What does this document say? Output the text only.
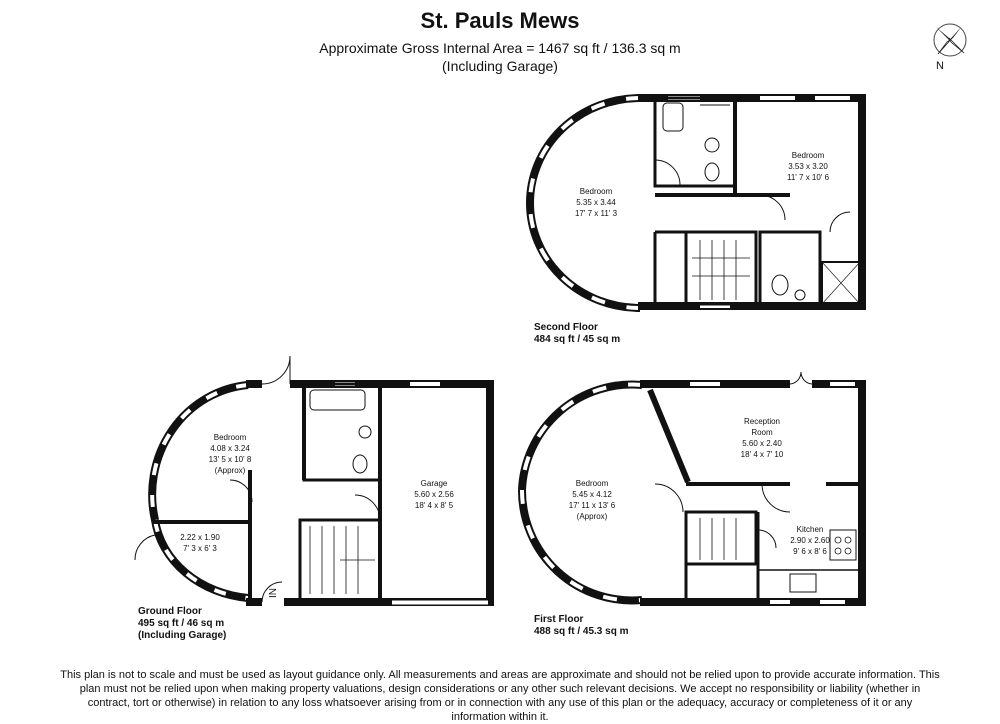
St. Pauls Mews
Approximate Gross Internal Area = 1467 sq ft / 136.3 sq m
(Including Garage)	N
Bedroom
5.35 x 3.44
17' 7 x 11' 3
Bedroom
3.53 x 3.20
11' 7 x 10' 6
Second Floor
484 sq ft / 45 sq m
Bedroom
4.08 x 3.24
13' 5 x 10' 8
(Approx)
Garage
5.60 x 2.56
18' 4 x 8' 5
2.22 x 1.90
7' 3 x 6' 3
IN
Ground Floor
495 sq ft / 46 sq m
(Including Garage)
Bedroom
5.45 x 4.12
17' 11 x 13' 6
(Approx)
Reception
Room
5.60 x 2.40
18' 4 x 7' 10
Kitchen
2.90 x 2.60
9' 6 x 8' 6
First Floor
488 sq ft / 45.3 sq m
This plan is not to scale and must be used as layout guidance only. All measurements and areas are approximate and should not be relied upon to provide accurate information. This plan must not be relied upon when making property valuations, design considerations or any other such relevant decisions. We accept no responsibility or liability (whether in contract, tort or otherwise) in relation to any loss whatsoever arising from or in connection with any use of this plan or the adequacy, accuracy or completeness of it or any information within it.
